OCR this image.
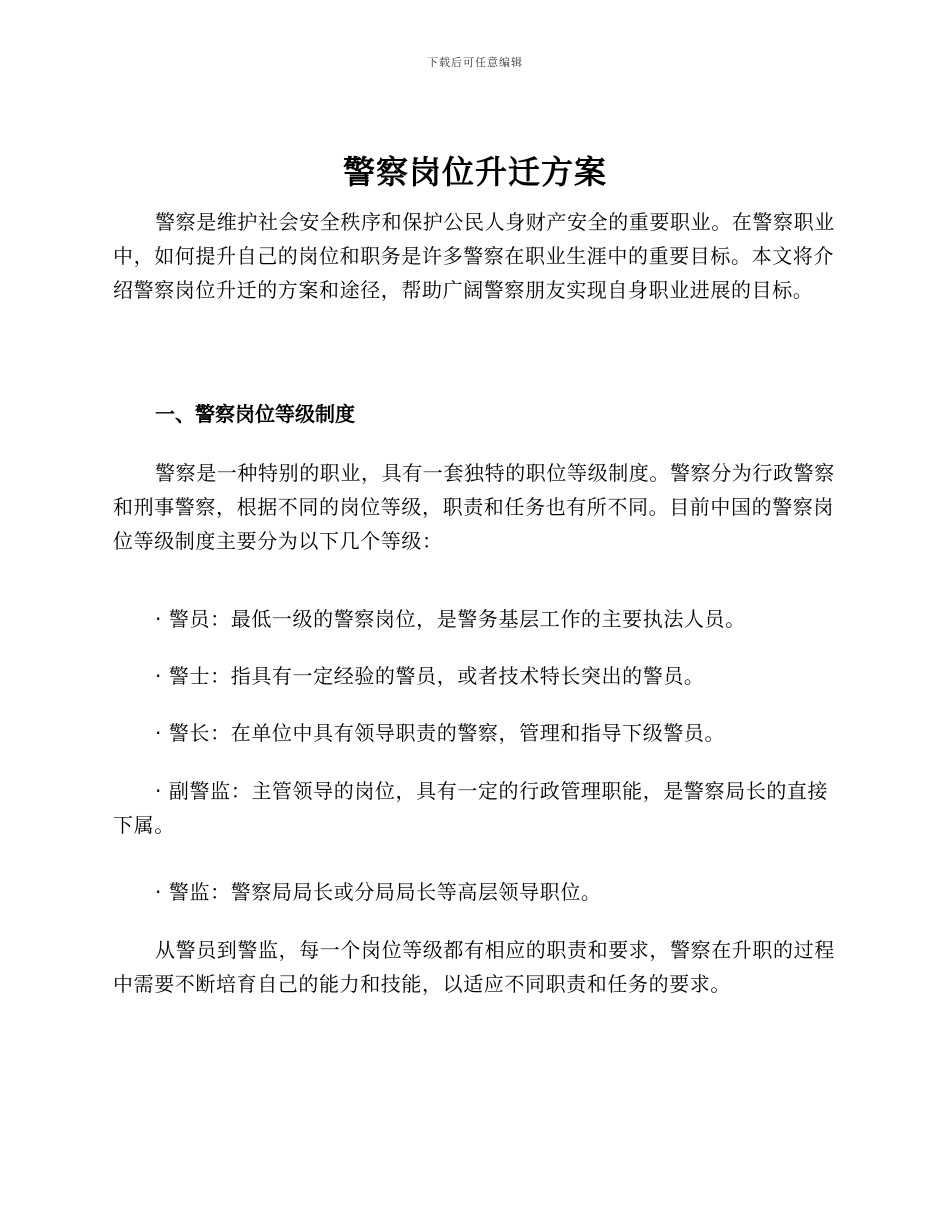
下载后可任意编辑
警察岗位升迁方案
警察是维护社会安全秩序和保护公民人身财产安全的重要职业。在警察职业中，如何提升自己的岗位和职务是许多警察在职业生涯中的重要目标。本文将介绍警察岗位升迁的方案和途径，帮助广阔警察朋友实现自身职业进展的目标。
一、警察岗位等级制度
警察是一种特别的职业，具有一套独特的职位等级制度。警察分为行政警察和刑事警察，根据不同的岗位等级，职责和任务也有所不同。目前中国的警察岗位等级制度主要分为以下几个等级：
· 警员：最低一级的警察岗位，是警务基层工作的主要执法人员。
· 警士：指具有一定经验的警员，或者技术特长突出的警员。
· 警长：在单位中具有领导职责的警察，管理和指导下级警员。
· 副警监：主管领导的岗位，具有一定的行政管理职能，是警察局长的直接下属。
· 警监：警察局局长或分局局长等高层领导职位。
从警员到警监，每一个岗位等级都有相应的职责和要求，警察在升职的过程中需要不断培育自己的能力和技能，以适应不同职责和任务的要求。
